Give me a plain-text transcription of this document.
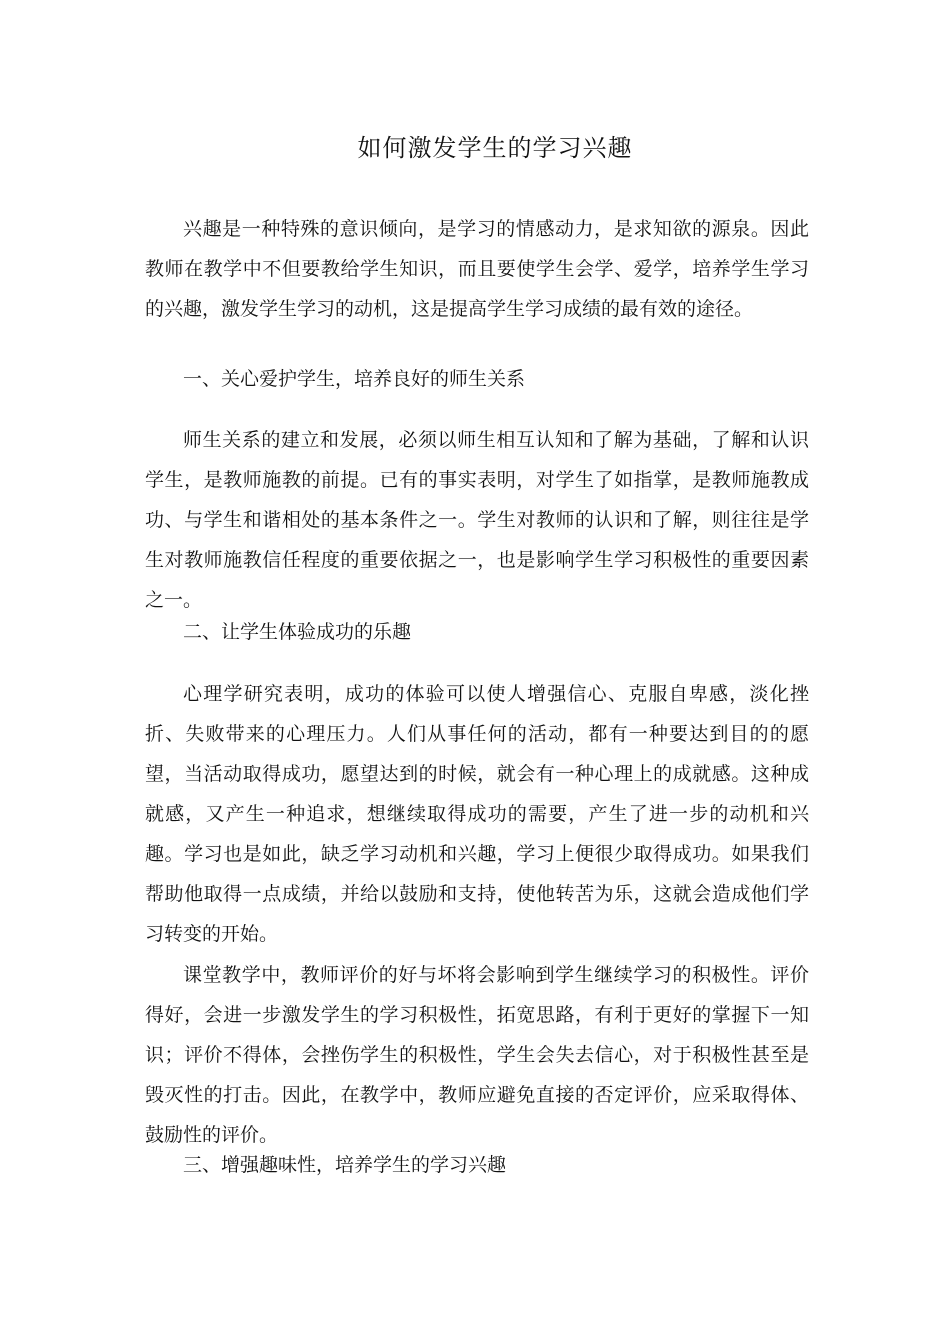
如何激发学生的学习兴趣

兴趣是一种特殊的意识倾向，是学习的情感动力，是求知欲的源泉。因此教师在教学中不但要教给学生知识，而且要使学生会学、爱学，培养学生学习的兴趣，激发学生学习的动机，这是提高学生学习成绩的最有效的途径。

一、关心爱护学生，培养良好的师生关系

师生关系的建立和发展，必须以师生相互认知和了解为基础，了解和认识学生，是教师施教的前提。已有的事实表明，对学生了如指掌，是教师施教成功、与学生和谐相处的基本条件之一。学生对教师的认识和了解，则往往是学生对教师施教信任程度的重要依据之一，也是影响学生学习积极性的重要因素之一。

二、让学生体验成功的乐趣

心理学研究表明，成功的体验可以使人增强信心、克服自卑感，淡化挫折、失败带来的心理压力。人们从事任何的活动，都有一种要达到目的的愿望，当活动取得成功，愿望达到的时候，就会有一种心理上的成就感。这种成就感，又产生一种追求，想继续取得成功的需要，产生了进一步的动机和兴趣。学习也是如此，缺乏学习动机和兴趣，学习上便很少取得成功。如果我们帮助他取得一点成绩，并给以鼓励和支持，使他转苦为乐，这就会造成他们学习转变的开始。

课堂教学中，教师评价的好与坏将会影响到学生继续学习的积极性。评价得好，会进一步激发学生的学习积极性，拓宽思路，有利于更好的掌握下一知识；评价不得体，会挫伤学生的积极性，学生会失去信心，对于积极性甚至是毁灭性的打击。因此，在教学中，教师应避免直接的否定评价，应采取得体、鼓励性的评价。

三、增强趣味性，培养学生的学习兴趣
